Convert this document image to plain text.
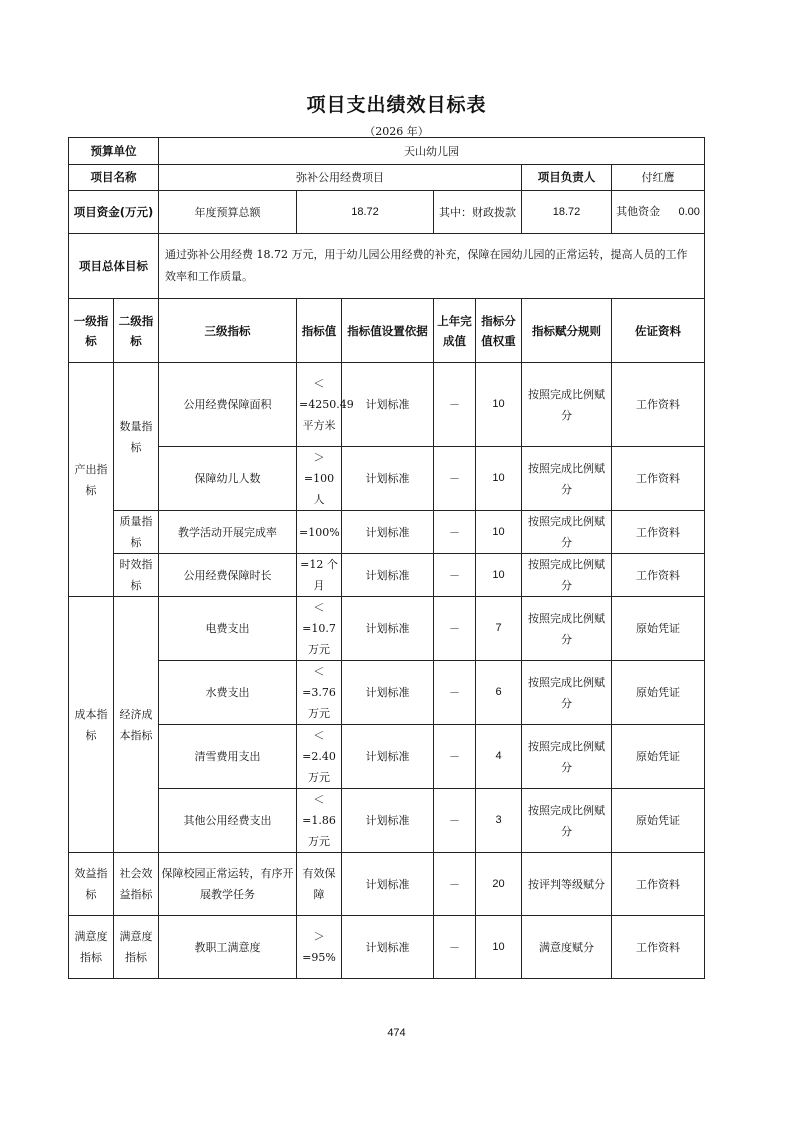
项目支出绩效目标表
（2026 年）
预算单位		天山幼儿园						
项目名称		弥补公用经费项目					项目负责人	付红鹰
项目资金(万元)		年度预算总额	18.72		其中：财政拨款		18.72	其他资金 0.00
项目总体目标		通过弥补公用经费 18.72 万元，用于幼儿园公用经费的补充，保障在园幼儿园的正常运转，提高人员的工作效率和工作质量。						
一级指标	二级指标	三级指标	指标值	指标值设置依据	上年完成值	指标分值权重	指标赋分规则	佐证资料
产出指标	数量指标	公用经费保障面积	＜=4250.49 平方米	计划标准	－	10	按照完成比例赋分	工作资料
		保障幼儿人数	＞=100 人	计划标准	－	10	按照完成比例赋分	工作资料
	质量指标	教学活动开展完成率	=100%	计划标准	－	10	按照完成比例赋分	工作资料
	时效指标	公用经费保障时长	=12 个月	计划标准	－	10	按照完成比例赋分	工作资料
成本指标	经济成本指标	电费支出	＜=10.7 万元	计划标准	－	7	按照完成比例赋分	原始凭证
		水费支出	＜=3.76 万元	计划标准	－	6	按照完成比例赋分	原始凭证
		清雪费用支出	＜=2.40 万元	计划标准	－	4	按照完成比例赋分	原始凭证
		其他公用经费支出	＜=1.86 万元	计划标准	－	3	按照完成比例赋分	原始凭证
效益指标	社会效益指标	保障校园正常运转，有序开展教学任务	有效保障	计划标准	－	20	按评判等级赋分	工作资料
满意度指标	满意度指标	教职工满意度	＞=95%	计划标准	－	10	满意度赋分	工作资料
474
